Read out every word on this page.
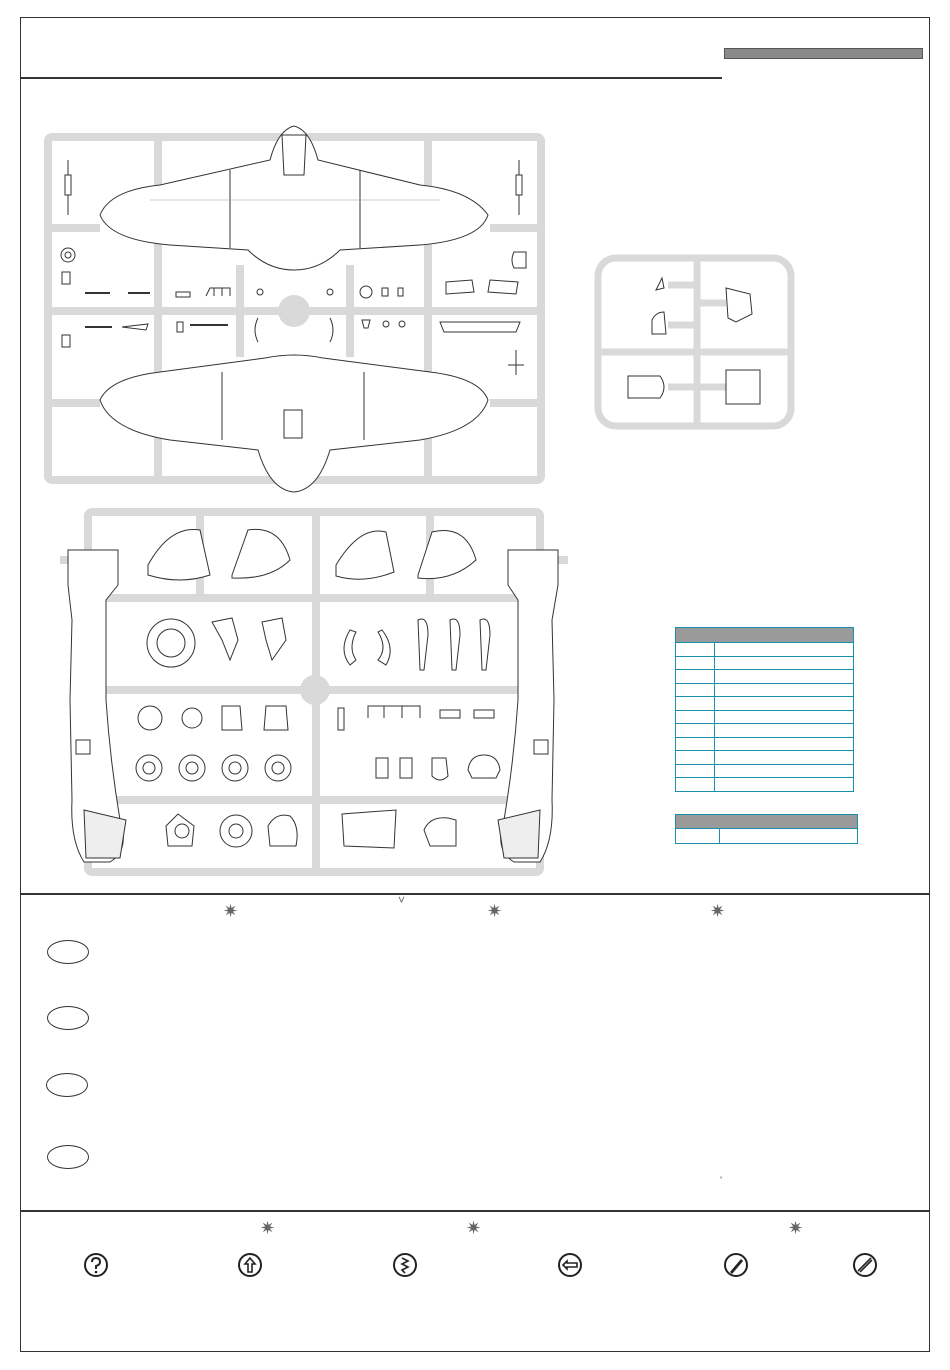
✷
˅
✷	✷
˚
✷	✷	✷
